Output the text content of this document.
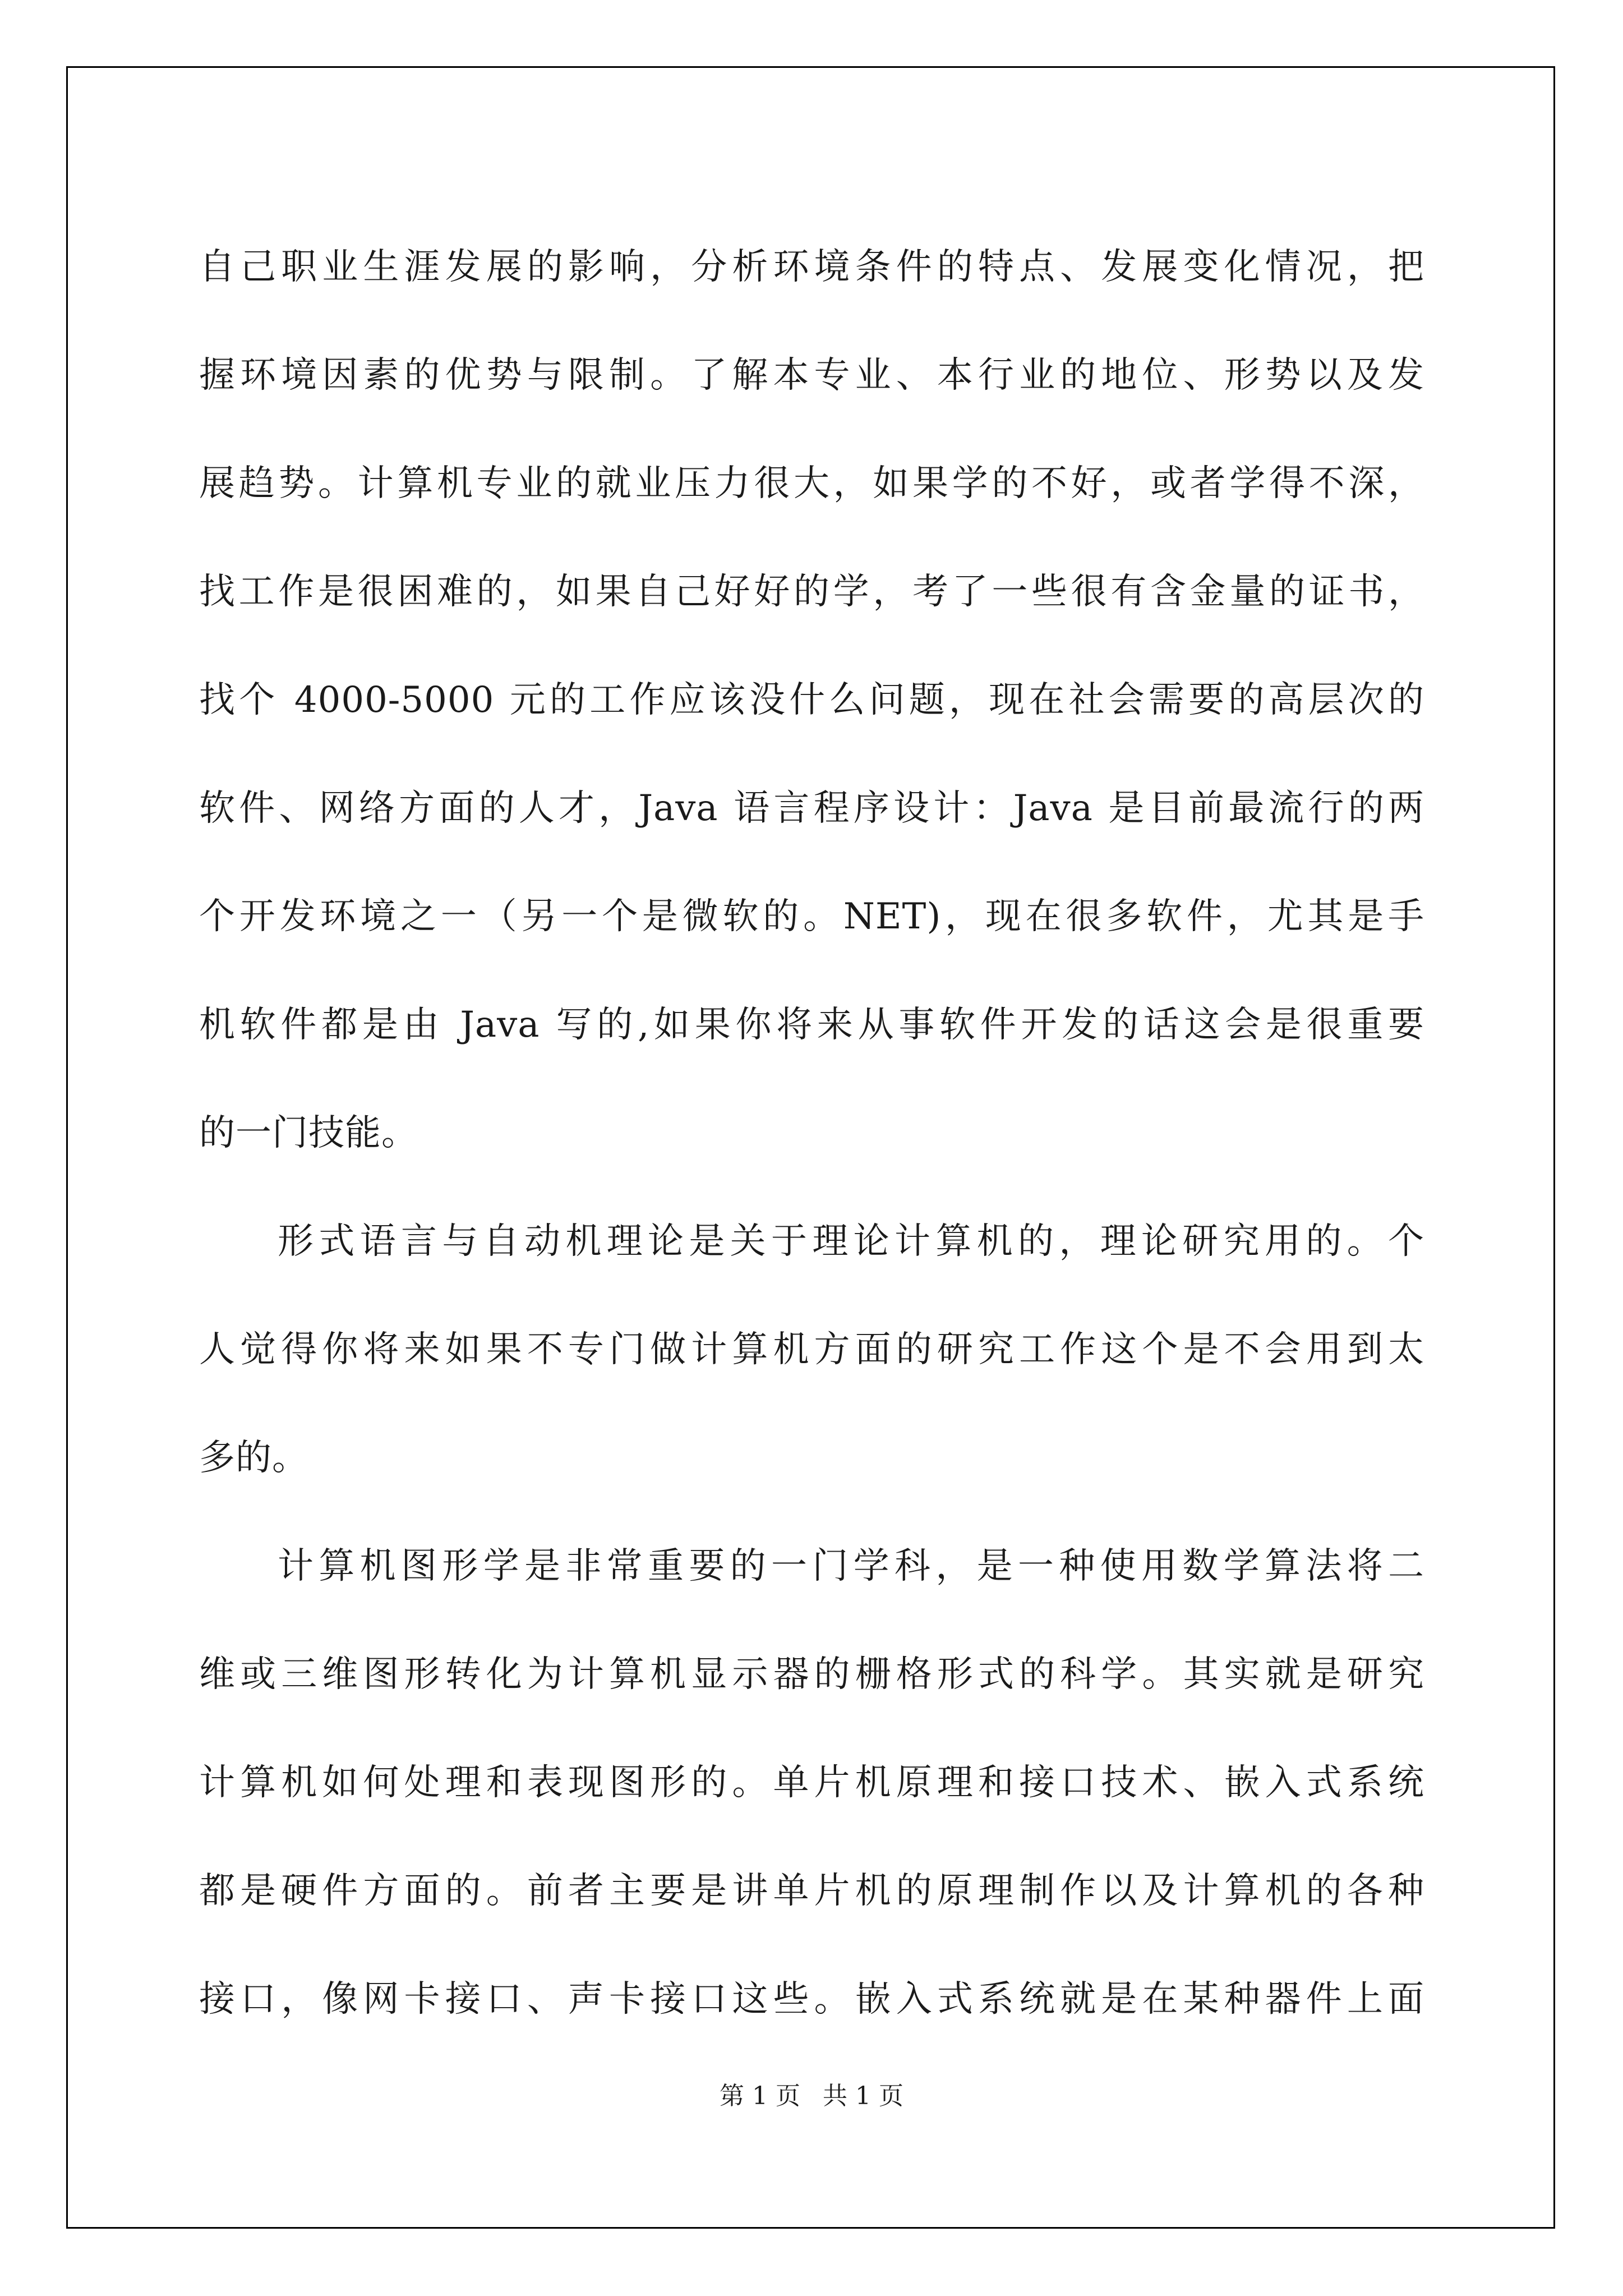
自己职业生涯发展的影响，分析环境条件的特点、发展变化情况，把
握环境因素的优势与限制。了解本专业、本行业的地位、形势以及发
展趋势。计算机专业的就业压力很大，如果学的不好，或者学得不深，
找工作是很困难的，如果自己好好的学，考了一些很有含金量的证书，
找个 4000-5000 元的工作应该没什么问题，现在社会需要的高层次的
软件、网络方面的人才，Java 语言程序设计：Java 是目前最流行的两
个开发环境之一（另一个是微软的。NET)，现在很多软件，尤其是手
机软件都是由 Java 写的,如果你将来从事软件开发的话这会是很重要
的一门技能。

形式语言与自动机理论是关于理论计算机的，理论研究用的。个
人觉得你将来如果不专门做计算机方面的研究工作这个是不会用到太
多的。

计算机图形学是非常重要的一门学科，是一种使用数学算法将二
维或三维图形转化为计算机显示器的栅格形式的科学。其实就是研究
计算机如何处理和表现图形的。单片机原理和接口技术、嵌入式系统
都是硬件方面的。前者主要是讲单片机的原理制作以及计算机的各种
接口，像网卡接口、声卡接口这些。嵌入式系统就是在某种器件上面

第 1 页 共 1 页
